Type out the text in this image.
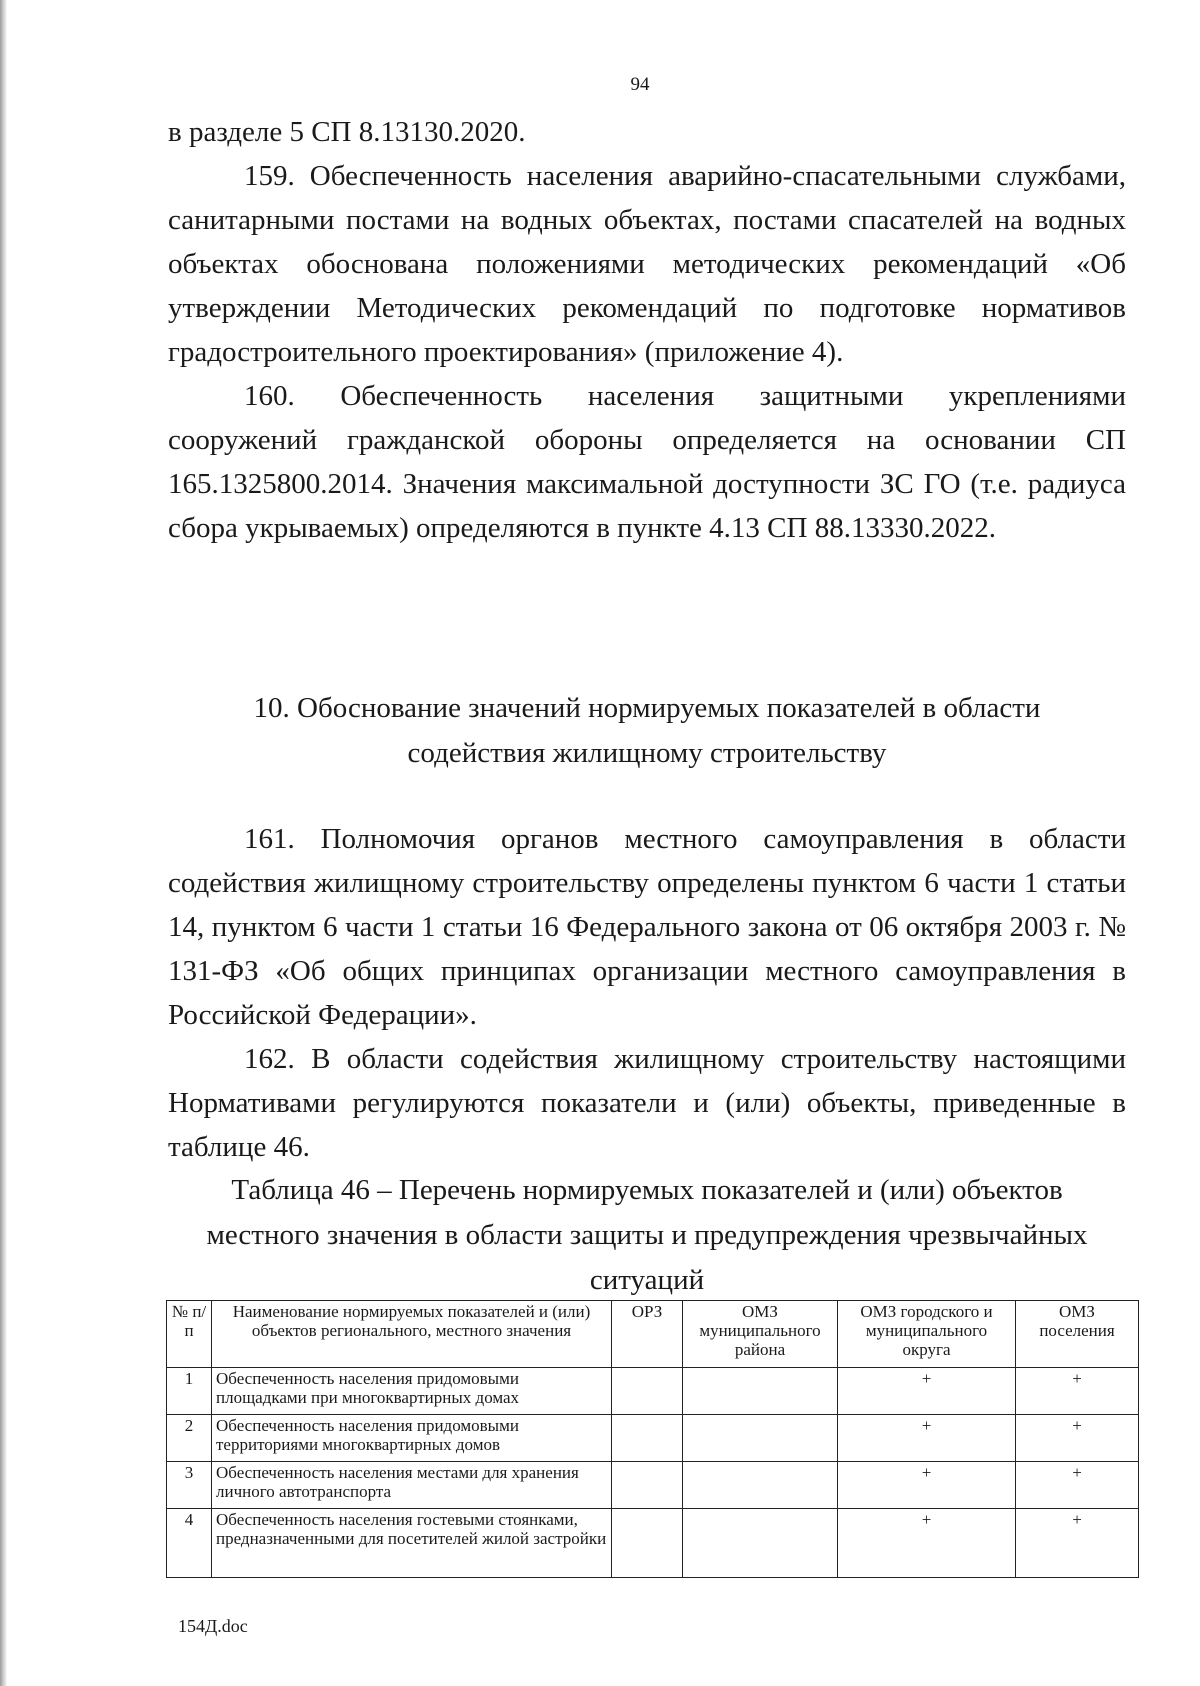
94

в разделе 5 СП 8.13130.2020.

159. Обеспеченность населения аварийно-спасательными службами, санитарными постами на водных объектах, постами спасателей на водных объектах обоснована положениями методических рекомендаций «Об утверждении Методических рекомендаций по подготовке нормативов градостроительного проектирования» (приложение 4).

160. Обеспеченность населения защитными укреплениями сооружений гражданской обороны определяется на основании СП 165.1325800.2014. Значения максимальной доступности ЗС ГО (т.е. радиуса сбора укрываемых) определяются в пункте 4.13 СП 88.13330.2022.

10. Обоснование значений нормируемых показателей в области

содействия жилищному строительству

161. Полномочия органов местного самоуправления в области содействия жилищному строительству определены пунктом 6 части 1 статьи 14, пунктом 6 части 1 статьи 16 Федерального закона от 06 октября 2003 г. № 131-ФЗ «Об общих принципах организации местного самоуправления в Российской Федерации».

162. В области содействия жилищному строительству настоящими Нормативами регулируются показатели и (или) объекты, приведенные в таблице 46.

Таблица 46 – Перечень нормируемых показателей и (или) объектов

местного значения в области защиты и предупреждения чрезвычайных

ситуаций

№ п/п	Наименование нормируемых показателей и (или) объектов регионального, местного значения	ОРЗ	ОМЗ муниципального района	ОМЗ городского и муниципального округа	ОМЗ поселения
1	Обеспеченность населения придомовыми площадками при многоквартирных домах			+	+
2	Обеспеченность населения придомовыми территориями многоквартирных домов			+	+
3	Обеспеченность населения местами для хранения личного автотранспорта			+	+
4	Обеспеченность населения гостевыми стоянками, предназначенными для посетителей жилой застройки			+	+
154Д.doc
